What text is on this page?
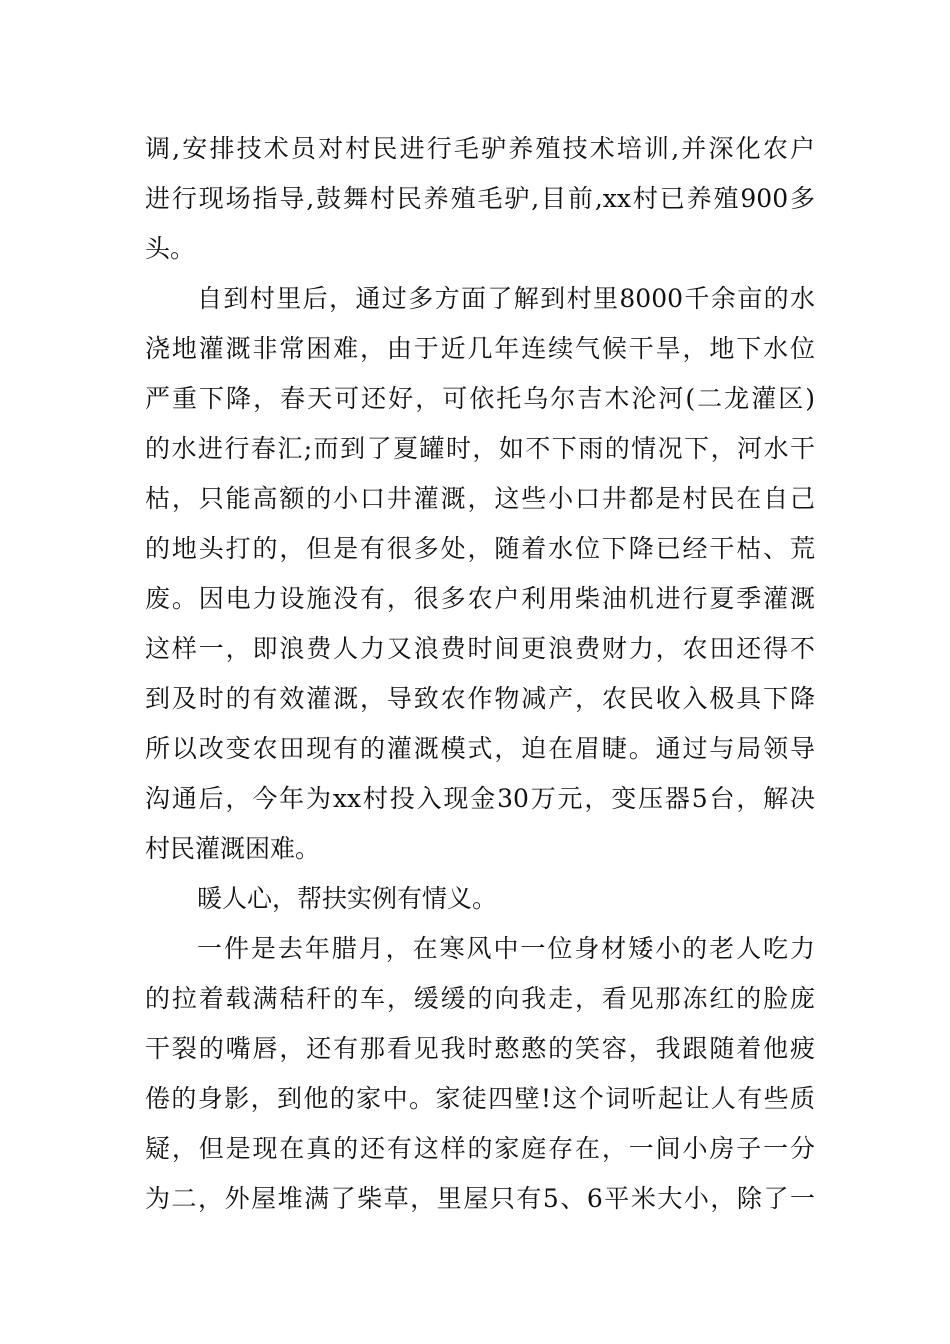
调,安排技术员对村民进行毛驴养殖技术培训,并深化农户
进行现场指导,鼓舞村民养殖毛驴,目前,xx村已养殖900多
头。
自到村里后，通过多方面了解到村里8000千余亩的水
浇地灌溉非常困难，由于近几年连续气候干旱，地下水位
严重下降，春天可还好，可依托乌尔吉木沦河(二龙灌区)
的水进行春汇;而到了夏罐时，如不下雨的情况下，河水干
枯，只能高额的小口井灌溉，这些小口井都是村民在自己
的地头打的，但是有很多处，随着水位下降已经干枯、荒
废。因电力设施没有，很多农户利用柴油机进行夏季灌溉
这样一，即浪费人力又浪费时间更浪费财力，农田还得不
到及时的有效灌溉，导致农作物减产，农民收入极具下降
所以改变农田现有的灌溉模式，迫在眉睫。通过与局领导
沟通后，今年为xx村投入现金30万元，变压器5台，解决
村民灌溉困难。
暖人心，帮扶实例有情义。
一件是去年腊月，在寒风中一位身材矮小的老人吃力
的拉着载满秸秆的车，缓缓的向我走，看见那冻红的脸庞
干裂的嘴唇，还有那看见我时憨憨的笑容，我跟随着他疲
倦的身影，到他的家中。家徒四壁!这个词听起让人有些质
疑，但是现在真的还有这样的家庭存在，一间小房子一分
为二，外屋堆满了柴草，里屋只有5、6平米大小，除了一
